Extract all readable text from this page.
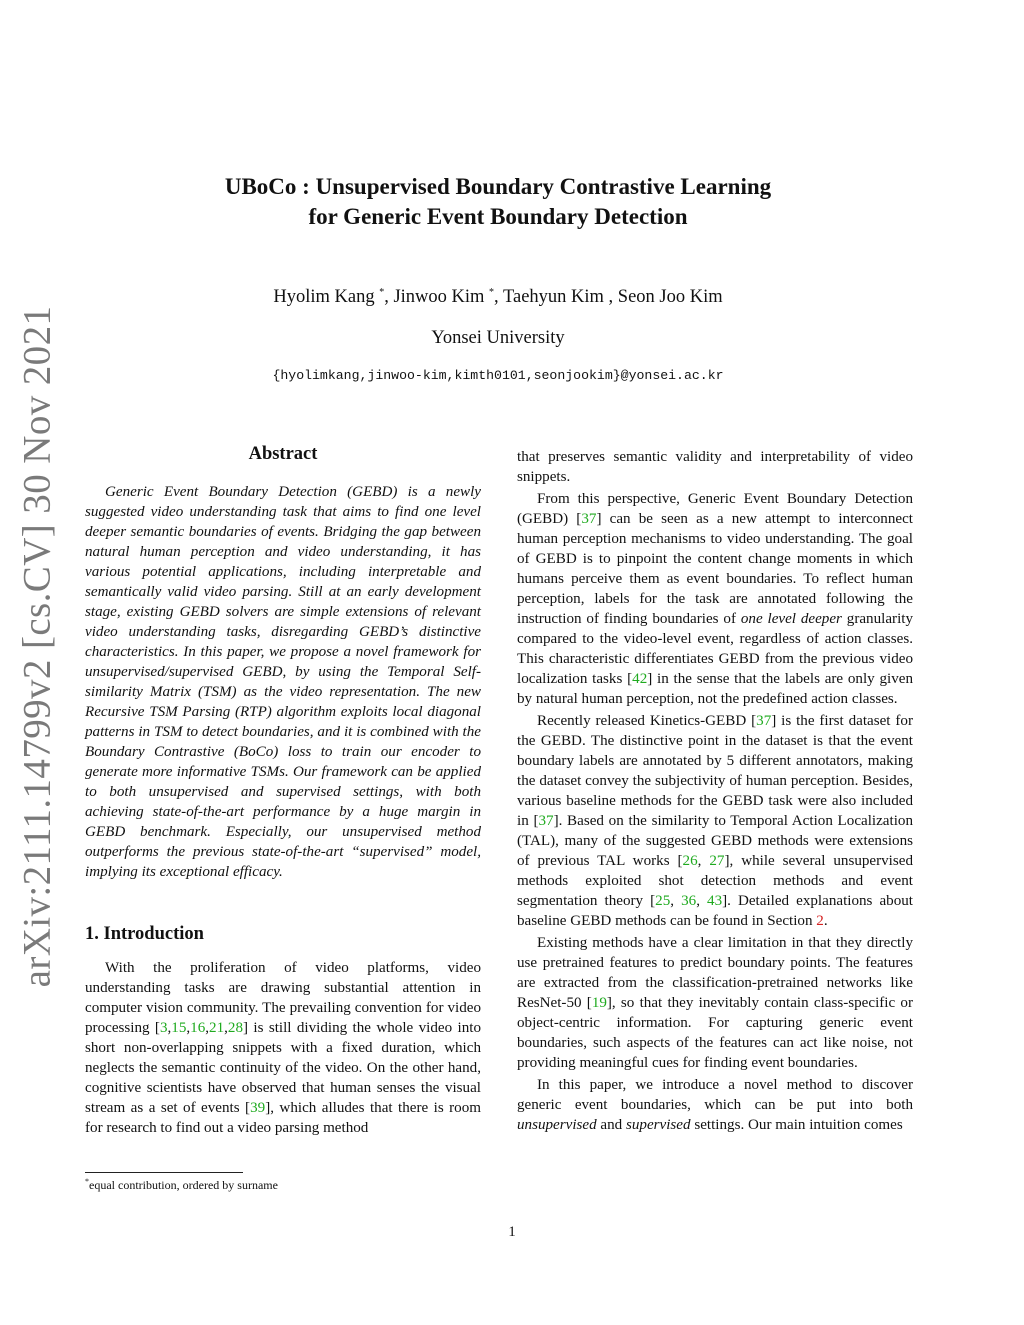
arXiv:2111.14799v2 [cs.CV] 30 Nov 2021
UBoCo : Unsupervised Boundary Contrastive Learning
for Generic Event Boundary Detection
Hyolim Kang *, Jinwoo Kim *, Taehyun Kim , Seon Joo Kim
Yonsei University
{hyolimkang,jinwoo-kim,kimth0101,seonjookim}@yonsei.ac.kr
Abstract

Generic Event Boundary Detection (GEBD) is a newly suggested video understanding task that aims to find one level deeper semantic boundaries of events. Bridging the gap between natural human perception and video understanding, it has various potential applications, including interpretable and semantically valid video parsing. Still at an early development stage, existing GEBD solvers are simple extensions of relevant video understanding tasks, disregarding GEBD’s distinctive characteristics. In this paper, we propose a novel framework for unsupervised/supervised GEBD, by using the Temporal Self-similarity Matrix (TSM) as the video representation. The new Recursive TSM Parsing (RTP) algorithm exploits local diagonal patterns in TSM to detect boundaries, and it is combined with the Boundary Contrastive (BoCo) loss to train our encoder to generate more informative TSMs. Our framework can be applied to both unsupervised and supervised settings, with both achieving state-of-the-art performance by a huge margin in GEBD benchmark. Especially, our unsupervised method outperforms the previous state-of-the-art “supervised” model, implying its exceptional efficacy.

1. Introduction

With the proliferation of video platforms, video understanding tasks are drawing substantial attention in computer vision community. The prevailing convention for video processing [3,15,16,21,28] is still dividing the whole video into short non-overlapping snippets with a fixed duration, which neglects the semantic continuity of the video. On the other hand, cognitive scientists have observed that human senses the visual stream as a set of events [39], which alludes that there is room for research to find out a video parsing method

that preserves semantic validity and interpretability of video snippets.

From this perspective, Generic Event Boundary Detection (GEBD) [37] can be seen as a new attempt to interconnect human perception mechanisms to video understanding. The goal of GEBD is to pinpoint the content change moments in which humans perceive them as event boundaries. To reflect human perception, labels for the task are annotated following the instruction of finding boundaries of one level deeper granularity compared to the video-level event, regardless of action classes. This characteristic differentiates GEBD from the previous video localization tasks [42] in the sense that the labels are only given by natural human perception, not the predefined action classes.

Recently released Kinetics-GEBD [37] is the first dataset for the GEBD. The distinctive point in the dataset is that the event boundary labels are annotated by 5 different annotators, making the dataset convey the subjectivity of human perception. Besides, various baseline methods for the GEBD task were also included in [37]. Based on the similarity to Temporal Action Localization (TAL), many of the suggested GEBD methods were extensions of previous TAL works [26, 27], while several unsupervised methods exploited shot detection methods and event segmentation theory [25, 36, 43]. Detailed explanations about baseline GEBD methods can be found in Section 2.

Existing methods have a clear limitation in that they directly use pretrained features to predict boundary points. The features are extracted from the classification-pretrained networks like ResNet-50 [19], so that they inevitably contain class-specific or object-centric information. For capturing generic event boundaries, such aspects of the features can act like noise, not providing meaningful cues for finding event boundaries.

In this paper, we introduce a novel method to discover generic event boundaries, which can be put into both unsupervised and supervised settings. Our main intuition comes

*equal contribution, ordered by surname
1
